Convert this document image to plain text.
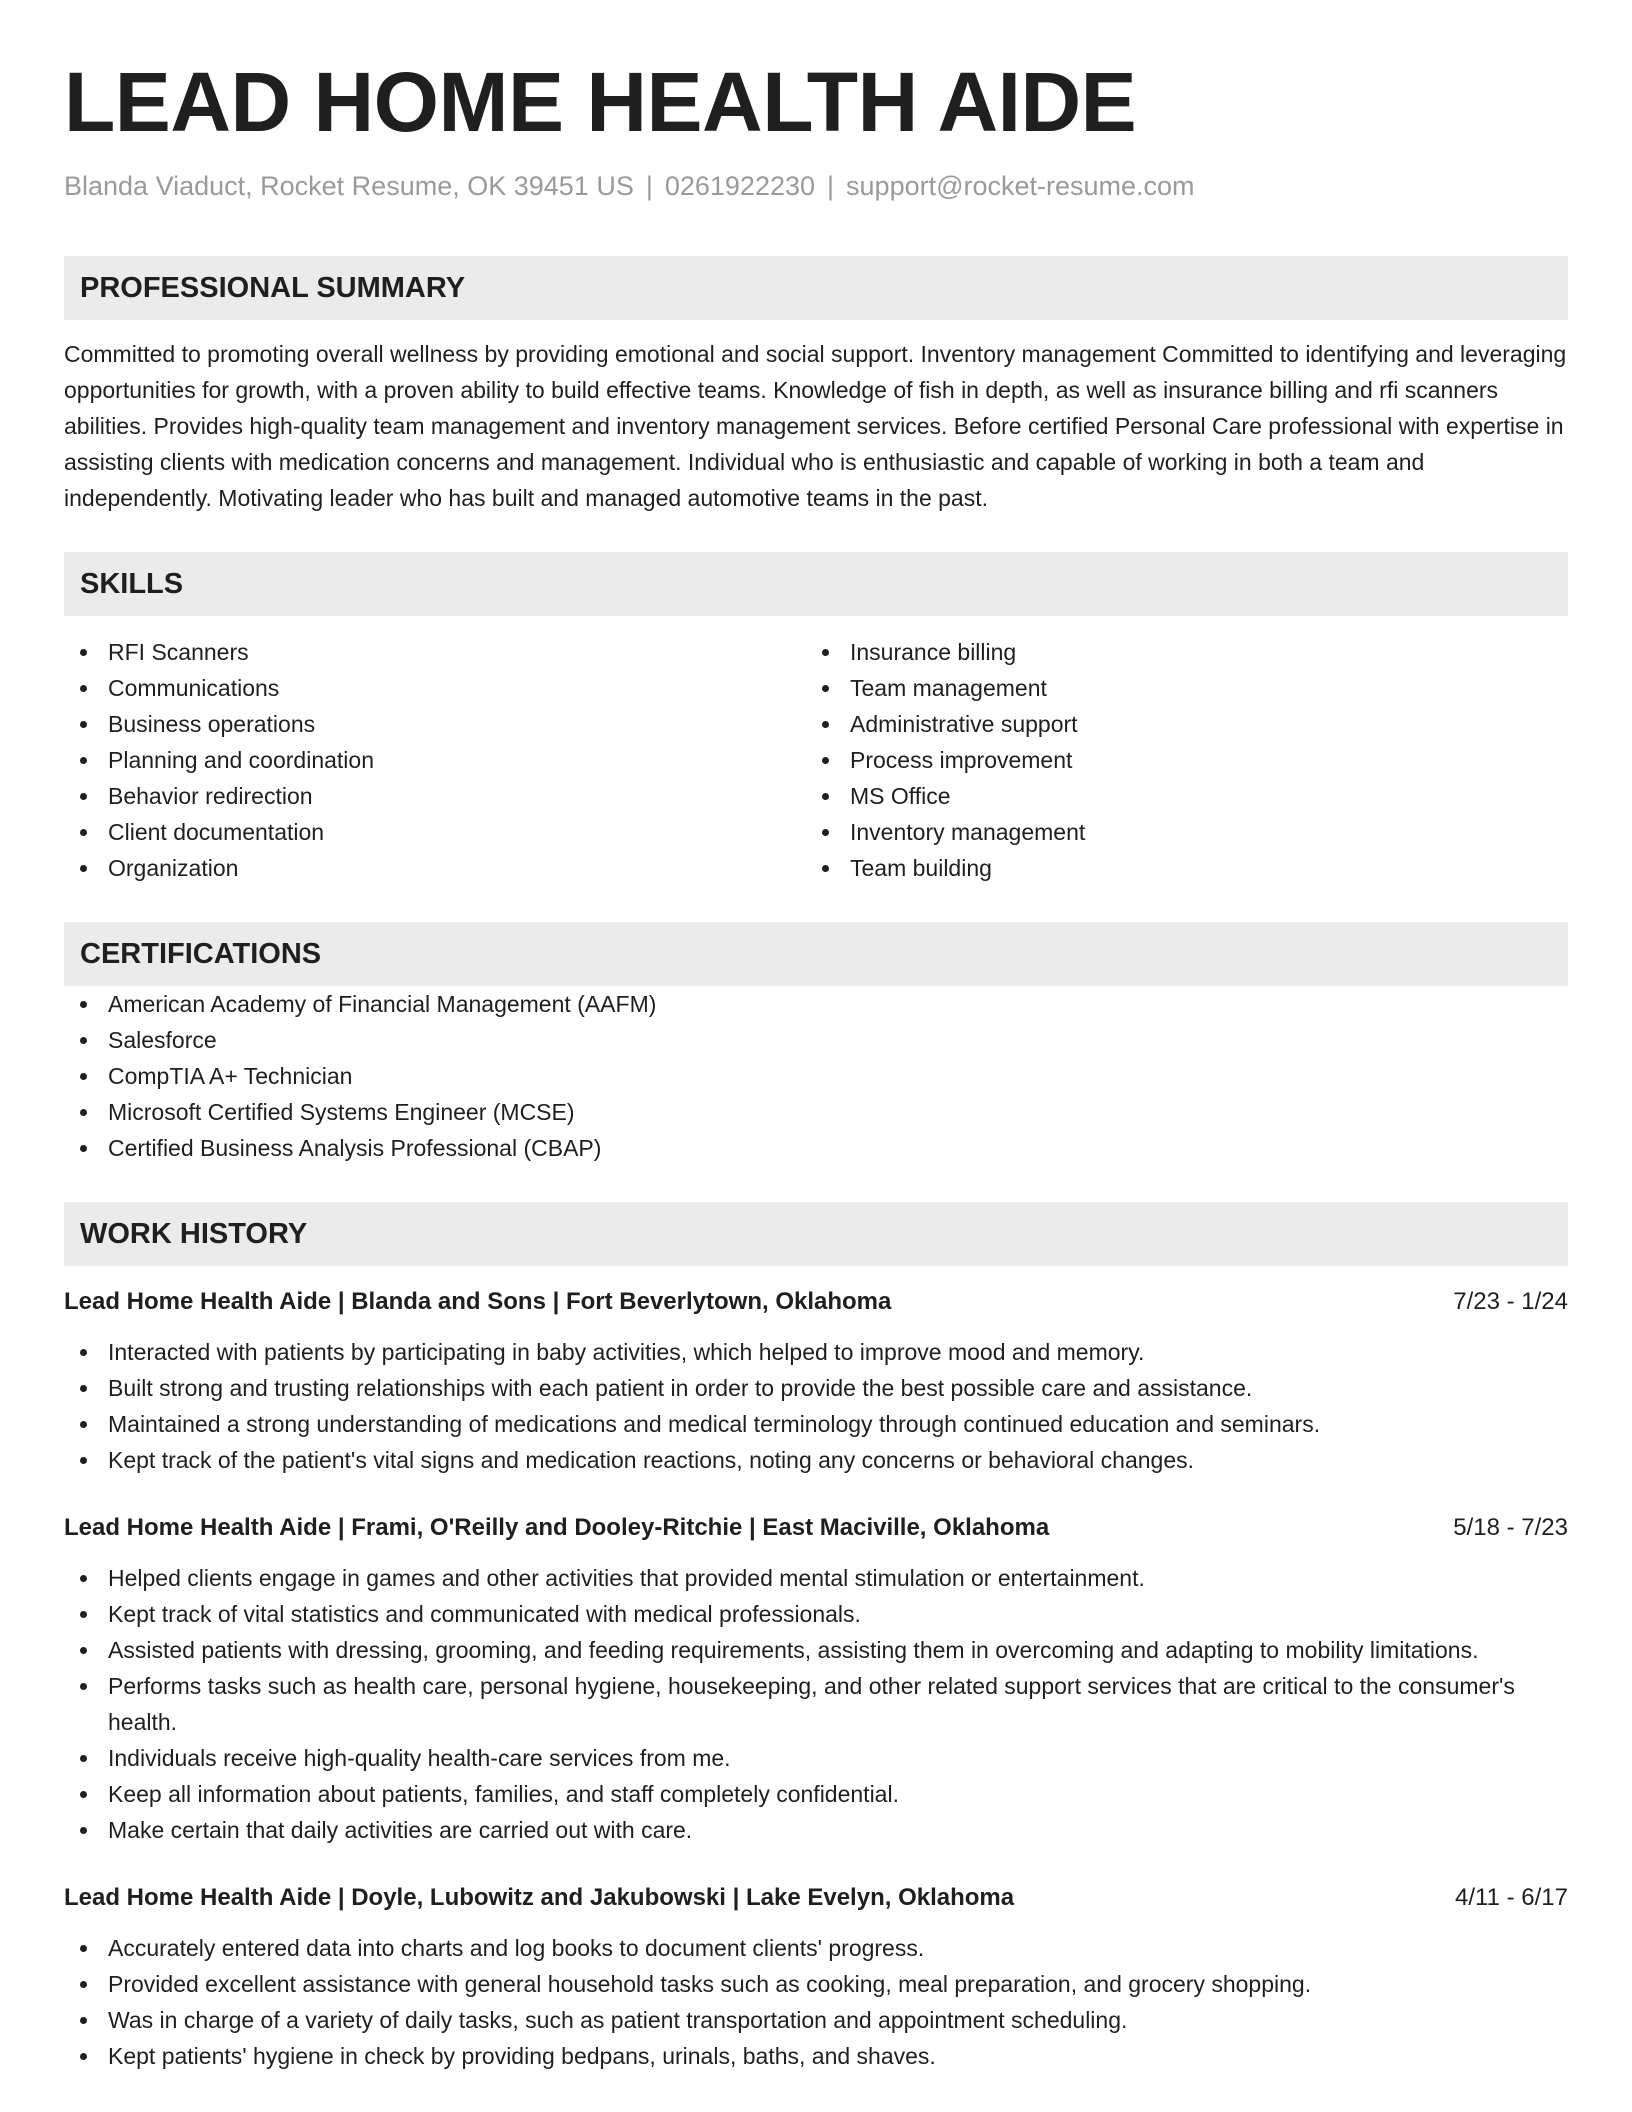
LEAD HOME HEALTH AIDE
Blanda Viaduct, Rocket Resume, OK 39451 US | 0261922230 | support@rocket-resume.com
PROFESSIONAL SUMMARY

Committed to promoting overall wellness by providing emotional and social support. Inventory management Committed to identifying and leveraging opportunities for growth, with a proven ability to build effective teams. Knowledge of fish in depth, as well as insurance billing and rfi scanners abilities. Provides high-quality team management and inventory management services. Before certified Personal Care professional with expertise in assisting clients with medication concerns and management. Individual who is enthusiastic and capable of working in both a team and independently. Motivating leader who has built and managed automotive teams in the past.

SKILLS
RFI Scanners
Communications
Business operations
Planning and coordination
Behavior redirection
Client documentation
Organization
Insurance billing
Team management
Administrative support
Process improvement
MS Office
Inventory management
Team building
CERTIFICATIONS
American Academy of Financial Management (AAFM)
Salesforce
CompTIA A+ Technician
Microsoft Certified Systems Engineer (MCSE)
Certified Business Analysis Professional (CBAP)
WORK HISTORY
Lead Home Health Aide | Blanda and Sons | Fort Beverlytown, Oklahoma	7/23 - 1/24
Interacted with patients by participating in baby activities, which helped to improve mood and memory.
Built strong and trusting relationships with each patient in order to provide the best possible care and assistance.
Maintained a strong understanding of medications and medical terminology through continued education and seminars.
Kept track of the patient's vital signs and medication reactions, noting any concerns or behavioral changes.
Lead Home Health Aide | Frami, O'Reilly and Dooley-Ritchie | East Maciville, Oklahoma	5/18 - 7/23
Helped clients engage in games and other activities that provided mental stimulation or entertainment.
Kept track of vital statistics and communicated with medical professionals.
Assisted patients with dressing, grooming, and feeding requirements, assisting them in overcoming and adapting to mobility limitations.
Performs tasks such as health care, personal hygiene, housekeeping, and other related support services that are critical to the consumer's health.
Individuals receive high-quality health-care services from me.
Keep all information about patients, families, and staff completely confidential.
Make certain that daily activities are carried out with care.
Lead Home Health Aide | Doyle, Lubowitz and Jakubowski | Lake Evelyn, Oklahoma	4/11 - 6/17
Accurately entered data into charts and log books to document clients' progress.
Provided excellent assistance with general household tasks such as cooking, meal preparation, and grocery shopping.
Was in charge of a variety of daily tasks, such as patient transportation and appointment scheduling.
Kept patients' hygiene in check by providing bedpans, urinals, baths, and shaves.
